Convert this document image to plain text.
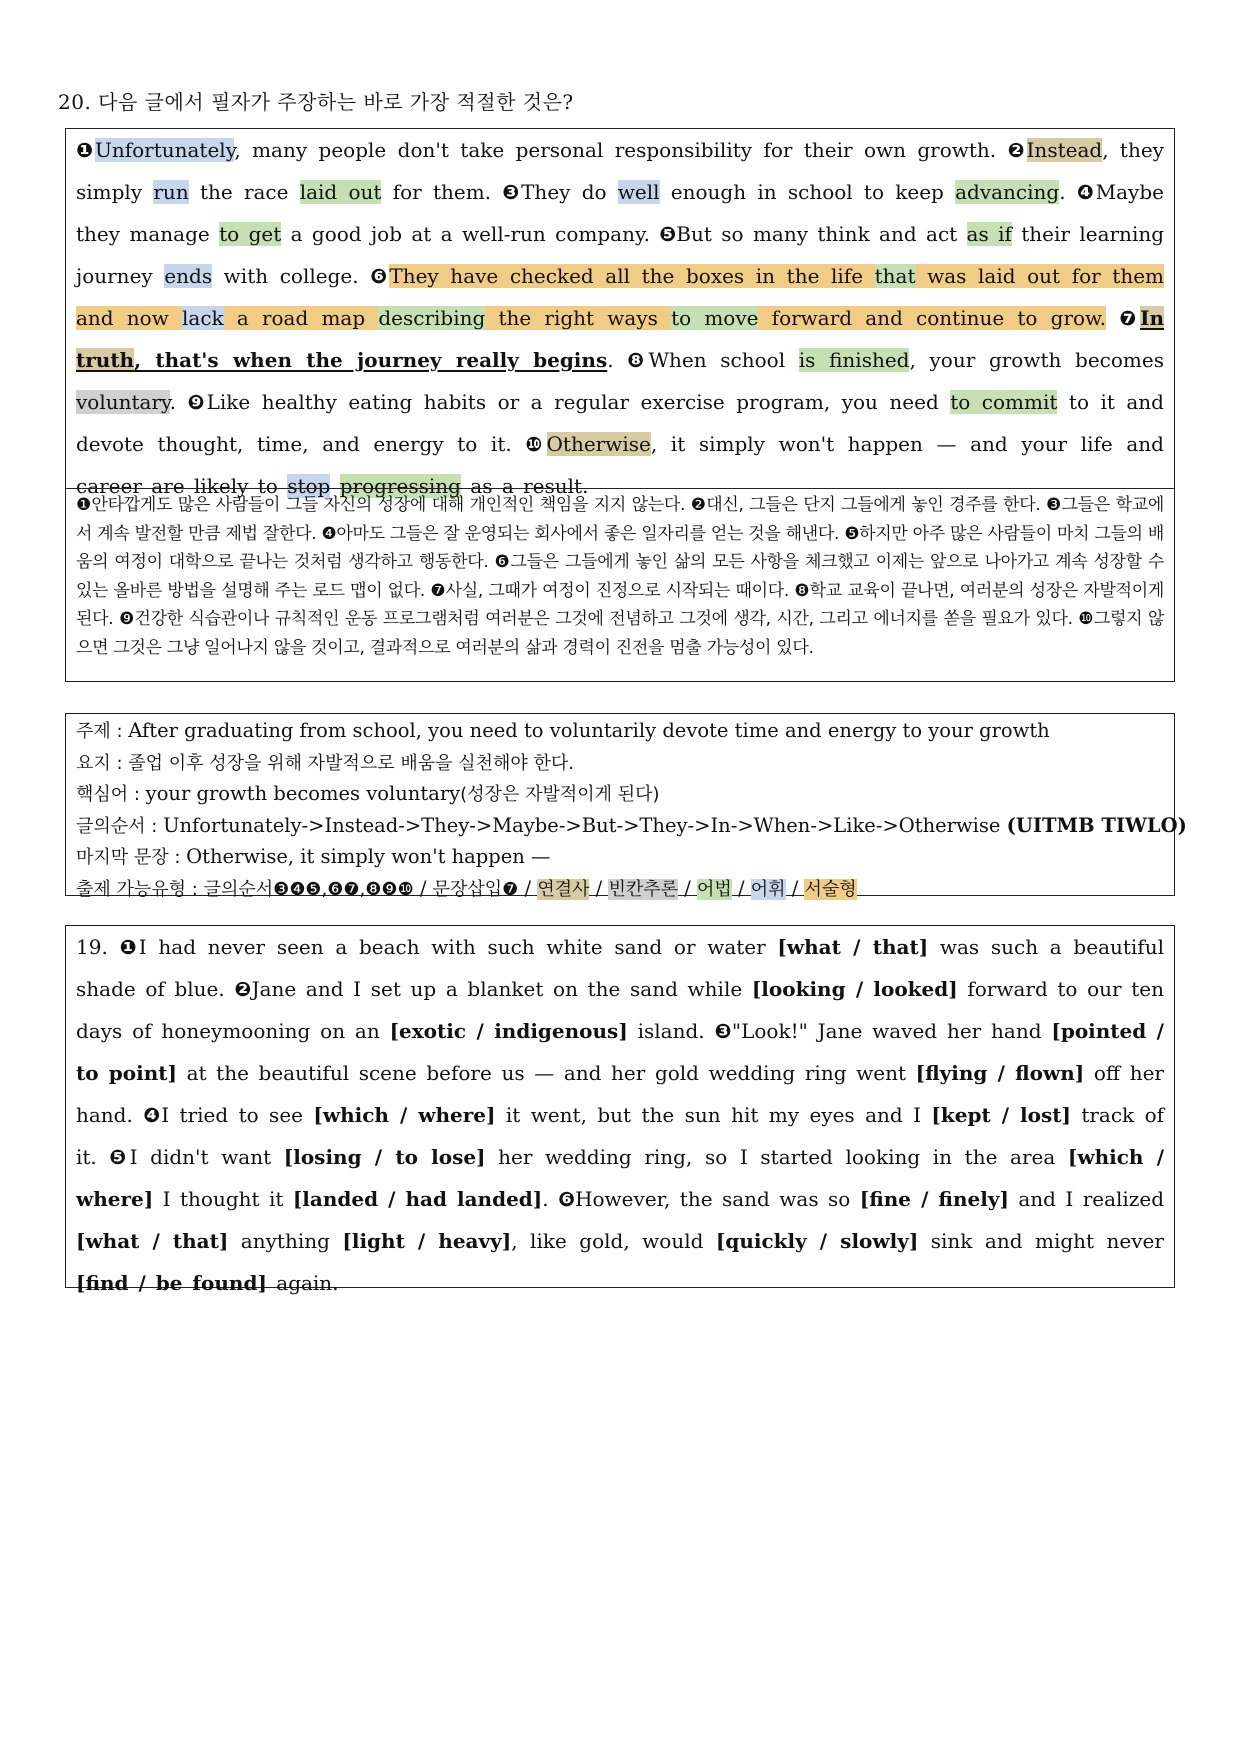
20. 다음 글에서 필자가 주장하는 바로 가장 적절한 것은?
❶Unfortunately, many people don't take personal responsibility for their own growth. ❷Instead, they simply run the race laid out for them. ❸They do well enough in school to keep advancing. ❹Maybe they manage to get a good job at a well-run company. ❺But so many think and act as if their learning journey ends with college. ❻They have checked all the boxes in the life that was laid out for them and now lack a road map describing the right ways to move forward and continue to grow. ❼In truth, that's when the journey really begins. ❽When school is finished, your growth becomes voluntary. ❾Like healthy eating habits or a regular exercise program, you need to commit to it and devote thought, time, and energy to it. ❿Otherwise, it simply won't happen — and your life and career are likely to stop progressing as a result.
❶안타깝게도 많은 사람들이 그들 자신의 성장에 대해 개인적인 책임을 지지 않는다. ❷대신, 그들은 단지 그들에게 놓인 경주를 한다. ❸그들은 학교에서 계속 발전할 만큼 제법 잘한다. ❹아마도 그들은 잘 운영되는 회사에서 좋은 일자리를 얻는 것을 해낸다. ❺하지만 아주 많은 사람들이 마치 그들의 배움의 여정이 대학으로 끝나는 것처럼 생각하고 행동한다. ❻그들은 그들에게 놓인 삶의 모든 사항을 체크했고 이제는 앞으로 나아가고 계속 성장할 수 있는 올바른 방법을 설명해 주는 로드 맵이 없다. ❼사실, 그때가 여정이 진정으로 시작되는 때이다. ❽학교 교육이 끝나면, 여러분의 성장은 자발적이게 된다. ❾건강한 식습관이나 규칙적인 운동 프로그램처럼 여러분은 그것에 전념하고 그것에 생각, 시간, 그리고 에너지를 쏟을 필요가 있다. ❿그렇지 않으면 그것은 그냥 일어나지 않을 것이고, 결과적으로 여러분의 삶과 경력이 진전을 멈출 가능성이 있다.
주제 : After graduating from school, you need to voluntarily devote time and energy to your growth
요지 : 졸업 이후 성장을 위해 자발적으로 배움을 실천해야 한다.
핵심어 : your growth becomes voluntary(성장은 자발적이게 된다)
글의순서 : Unfortunately->Instead->They->Maybe->But->They->In->When->Like->Otherwise (UITMB TIWLO)
마지막 문장 : Otherwise, it simply won't happen —
출제 가능유형 : 글의순서❸❹❺,❻❼,❽❾❿ / 문장삽입❼ / 연결사 / 빈칸추론 / 어법 / 어휘 / 서술형
19. ❶I had never seen a beach with such white sand or water [what / that] was such a beautiful shade of blue. ❷Jane and I set up a blanket on the sand while [looking / looked] forward to our ten days of honeymooning on an [exotic / indigenous] island. ❸"Look!" Jane waved her hand [pointed / to point] at the beautiful scene before us — and her gold wedding ring went [flying / flown] off her hand. ❹I tried to see [which / where] it went, but the sun hit my eyes and I [kept / lost] track of it. ❺I didn't want [losing / to lose] her wedding ring, so I started looking in the area [which / where] I thought it [landed / had landed]. ❻However, the sand was so [fine / finely] and I realized [what / that] anything [light / heavy], like gold, would [quickly / slowly] sink and might never [find / be found] again.
